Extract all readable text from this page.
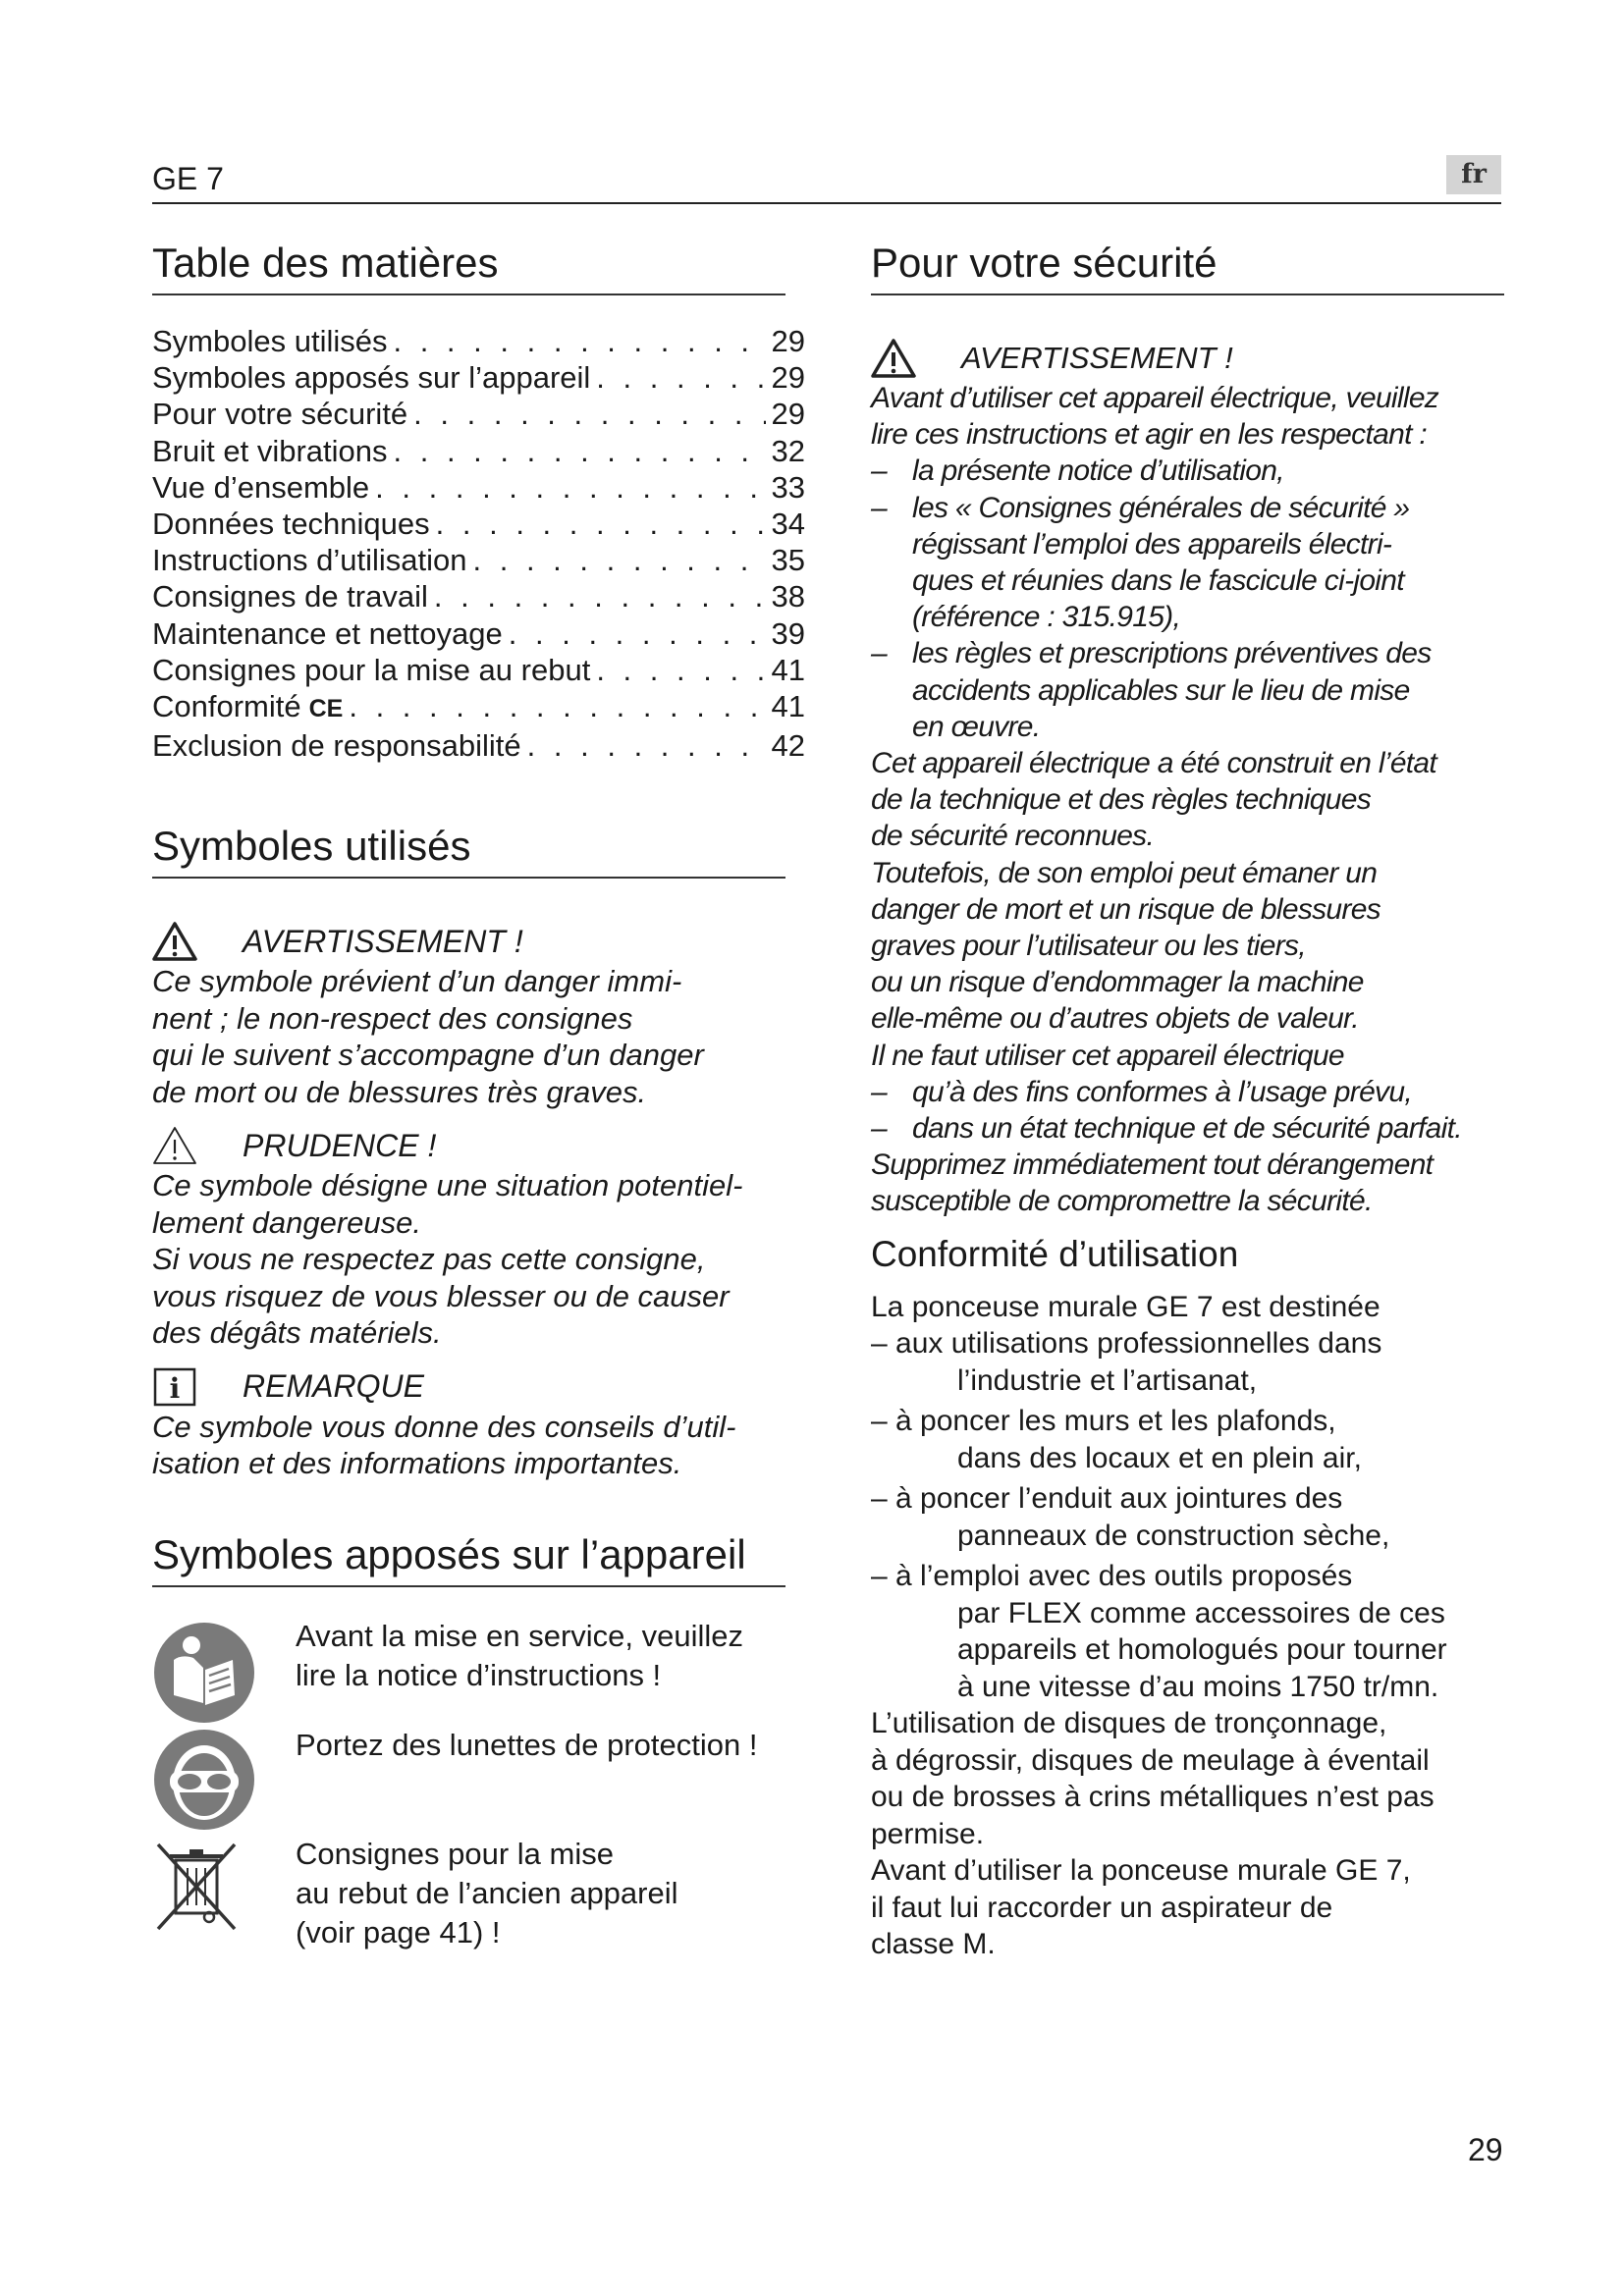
GE 7	fr
Table des matières
Symboles utilisés . . .	29
Symboles apposés sur l’appareil . . .	29
Pour votre sécurité . . .	29
Bruit et vibrations . . .	32
Vue d’ensemble . . .	33
Données techniques . . .	34
Instructions d’utilisation . . .	35
Consignes de travail . . .	38
Maintenance et nettoyage . . .	39
Consignes pour la mise au rebut . . .	41
Conformité CE . . .	41
Exclusion de responsabilité . . .	42
Symboles utilisés
AVERTISSEMENT !
Ce symbole prévient d’un danger immi-
nent ; le non-respect des consignes
qui le suivent s’accompagne d’un danger
de mort ou de blessures très graves.
PRUDENCE !
Ce symbole désigne une situation potentiel-
lement dangereuse.
Si vous ne respectez pas cette consigne,
vous risquez de vous blesser ou de causer
des dégâts matériels.
i REMARQUE
Ce symbole vous donne des conseils d’util-
isation et des informations importantes.
Symboles apposés sur l’appareil
Avant la mise en service, veuillez
lire la notice d’instructions !
Portez des lunettes de protection !
Consignes pour la mise
au rebut de l’ancien appareil
(voir page 41) !
Pour votre sécurité
AVERTISSEMENT !
Avant d’utiliser cet appareil électrique, veuillez
lire ces instructions et agir en les respectant :
– la présente notice d’utilisation,
– les « Consignes générales de sécurité »
régissant l’emploi des appareils électri-
ques et réunies dans le fascicule ci-joint
(référence : 315.915),
– les règles et prescriptions préventives des
accidents applicables sur le lieu de mise
en œuvre.
Cet appareil électrique a été construit en l’état
de la technique et des règles techniques
de sécurité reconnues.
Toutefois, de son emploi peut émaner un
danger de mort et un risque de blessures
graves pour l’utilisateur ou les tiers,
ou un risque d’endommager la machine
elle-même ou d’autres objets de valeur.
Il ne faut utiliser cet appareil électrique
– qu’à des fins conformes à l’usage prévu,
– dans un état technique et de sécurité parfait.
Supprimez immédiatement tout dérangement
susceptible de compromettre la sécurité.
Conformité d’utilisation
La ponceuse murale GE 7 est destinée
– aux utilisations professionnelles dans
l’industrie et l’artisanat,
– à poncer les murs et les plafonds,
dans des locaux et en plein air,
– à poncer l’enduit aux jointures des
panneaux de construction sèche,
– à l’emploi avec des outils proposés
par FLEX comme accessoires de ces
appareils et homologués pour tourner
à une vitesse d’au moins 1750 tr/mn.
L’utilisation de disques de tronçonnage,
à dégrossir, disques de meulage à éventail
ou de brosses à crins métalliques n’est pas
permise.
Avant d’utiliser la ponceuse murale GE 7,
il faut lui raccorder un aspirateur de
classe M.
29
